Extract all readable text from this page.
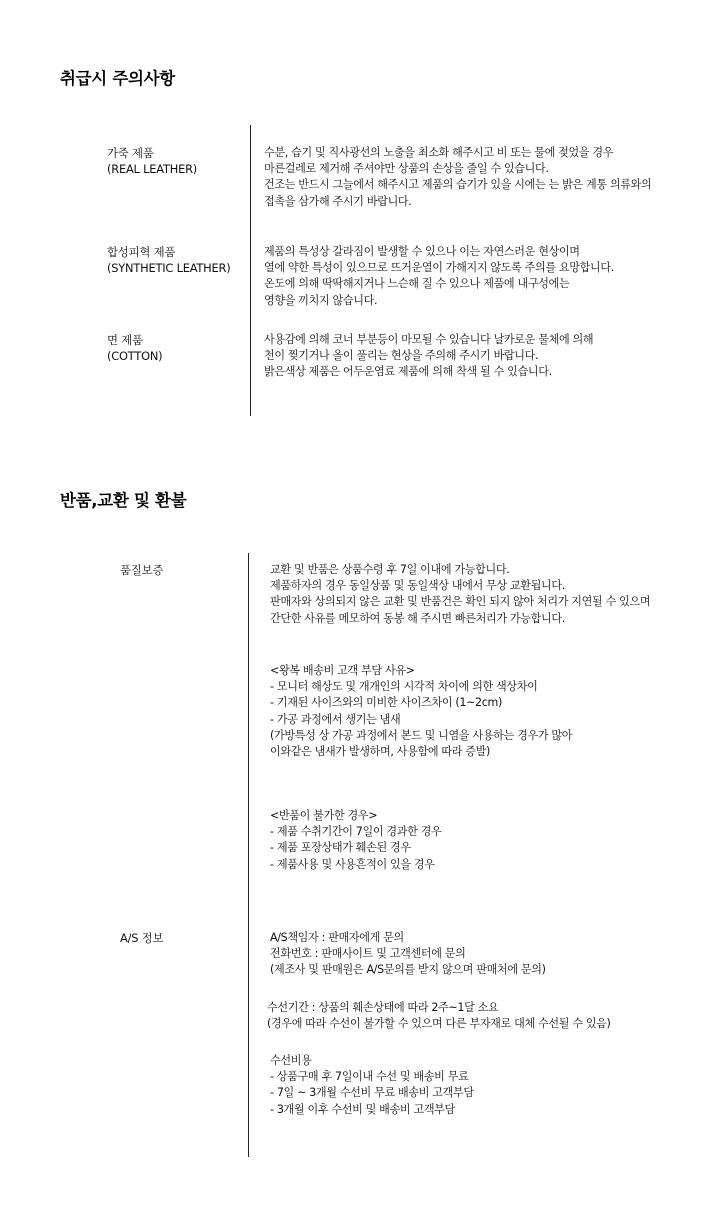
취급시 주의사항
가죽 제품
(REAL LEATHER)
수분, 습기 및 직사광선의 노출을 최소화 해주시고 비 또는 물에 젖었을 경우
마른걸레로 제거해 주셔야만 상품의 손상을 줄일 수 있습니다.
건조는 반드시 그늘에서 해주시고 제품의 습기가 있을 시에는 는 밝은 계통 의류와의
접촉을 삼가해 주시기 바랍니다.
합성피혁 제품
(SYNTHETIC LEATHER)
제품의 특성상 갈라짐이 발생할 수 있으나 이는 자연스러운 현상이며
열에 약한 특성이 있으므로 뜨거운열이 가해지지 않도록 주의를 요망합니다.
온도에 의해 딱딱해지거나 느슨해 질 수 있으나 제품에 내구성에는
영향을 끼치지 않습니다.
면 제품
(COTTON)
사용감에 의해 코너 부분등이 마모될 수 있습니다 날카로운 물체에 의해
천이 찢기거나 올이 풀리는 현상을 주의해 주시기 바랍니다.
밝은색상 제품은 어두운염료 제품에 의해 착색 될 수 있습니다.
반품,교환 및 환불
품질보증	교환 및 반품은 상품수령 후 7일 이내에 가능합니다.
제품하자의 경우 동일상품 및 동일색상 내에서 무상 교환됩니다.
판매자와 상의되지 않은 교환 및 반품건은 확인 되지 않아 처리가 지연될 수 있으며
간단한 사유를 메모하여 동봉 해 주시면 빠른처리가 가능합니다.
<왕복 배송비 고객 부담 사유>
- 모니터 해상도 및 개개인의 시각적 차이에 의한 색상차이
- 기재된 사이즈와의 미비한 사이즈차이 (1~2cm)
- 가공 과정에서 생기는 냄새
(가방특성 상 가공 과정에서 본드 및 니염을 사용하는 경우가 많아
이와같은 냄새가 발생하며, 사용함에 따라 증발)
<반품이 불가한 경우>
- 제품 수취기간이 7일이 경과한 경우
- 제품 포장상태가 훼손된 경우
- 제품사용 및 사용흔적이 있을 경우
A/S 정보	A/S책임자 : 판매자에게 문의
전화번호 : 판매사이트 및 고객센터에 문의
(제조사 및 판매원은 A/S문의를 받지 않으며 판매처에 문의)
수선기간 : 상품의 훼손상태에 따라 2주~1달 소요
(경우에 따라 수선이 불가할 수 있으며 다른 부자재로 대체 수선될 수 있음)
수선비용
- 상품구매 후 7일이내 수선 및 배송비 무료
- 7일 ~ 3개월 수선비 무료 배송비 고객부담
- 3개월 이후 수선비 및 배송비 고객부담
